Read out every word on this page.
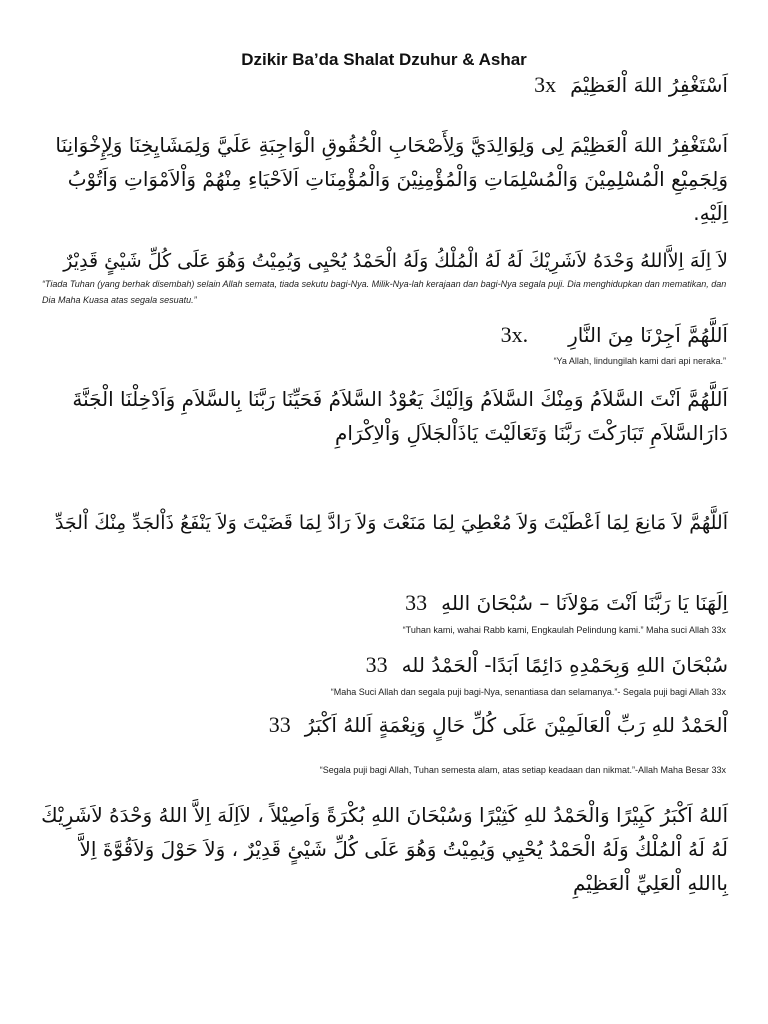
Dzikir Ba’da Shalat Dzuhur & Ashar
3x اَسْتَغْفِرُ اللهَ اْلعَظِيْمَ
اَسْتَغْفِرُ اللهَ اْلعَظِيْمَ لِى وَلِوَالِدَيَّ وَلِأَصْحَابِ الْحُقُوقِ الْوَاجِبَةِ عَلَيَّ وَلِمَشَايِخِنَا وَلِإِخْوَانِنَا وَلِجَمِيْعِ الْمُسْلِمِيْنَ وَالْمُسْلِمَاتِ وَالْمُؤْمِنِيْنَ وَالْمُؤْمِنَاتِ اَلاَحْيَاءِ مِنْهُمْ وَاْلاَمْوَاتِ وَاَتُوْبُ اِلَيْهِ.
لاَ اِلَهَ اِلاَّاللهُ وَحْدَهُ لاَشَرِيْكَ لَهُ لَهُ الْمُلْكُ وَلَهُ الْحَمْدُ يُحْيِى وَيُمِيْتُ وَهُوَ عَلَى كُلِّ شَيْئٍ قَدِيْرٌ
“Tiada Tuhan (yang berhak disembah) selain Allah semata, tiada sekutu bagi-Nya. Milik-Nya-lah kerajaan dan bagi-Nya segala puji. Dia menghidupkan dan mematikan, dan Dia Maha Kuasa atas segala sesuatu.”
3x. اَللَّهُمَّ اَجِرْنَا مِنَ النَّارِ
“Ya Allah, lindungilah kami dari api neraka.”
اَللَّهُمَّ اَنْتَ السَّلاَمُ وَمِنْكَ السَّلاَمُ وَاِلَيْكَ يَعُوْدُ السَّلاَمُ فَحَيِّنَا رَبَّنَا بِالسَّلاَمِ وَاَدْخِلْنَا الْجَنَّةَ دَارَالسَّلاَمِ تَبَارَكْتَ رَبَّنَا وَتَعَالَيْتَ يَاذَاْلجَلاَلِ وَاْلاِكْرَامِ
اَللَّهُمَّ لاَ مَانِعَ لِمَا اَعْطَيْتَ وَلاَ مُعْطِيَ لِمَا مَنَعْتَ وَلاَ رَادَّ لِمَا قَضَيْتَ وَلاَ يَنْفَعُ ذَاْلجَدِّ مِنْكَ اْلجَدِّ
33 اِلَهَنَا يَا رَبَّنَا اَنْتَ مَوْلاَنَا – سُبْحَانَ اللهِ
“Tuhan kami, wahai Rabb kami, Engkaulah Pelindung kami.” Maha suci Allah 33x
33 سُبْحَانَ اللهِ وَبِحَمْدِهِ دَائِمًا اَبَدًا- اْلحَمْدُ لله
“Maha Suci Allah dan segala puji bagi-Nya, senantiasa dan selamanya.”- Segala puji bagi Allah 33x
33 اْلحَمْدُ للهِ رَبِّ اْلعَالَمِيْنَ عَلَى كُلِّ حَالٍ وَنِعْمَةٍ اَللهُ اَكْبَرُ
“Segala puji bagi Allah, Tuhan semesta alam, atas setiap keadaan dan nikmat.”-Allah Maha Besar 33x
اَللهُ اَكْبَرُ كَبِيْرًا وَالْحَمْدُ للهِ كَثِيْرًا وَسُبْحَانَ اللهِ بُكْرَةً وَاَصِيْلاً ، لاَاِلَهَ اِلاَّ اللهُ وَحْدَهُ لاَشَرِيْكَ لَهُ لَهُ اْلمُلْكُ وَلَهُ الْحَمْدُ يُحْيِي وَيُمِيْتُ وَهُوَ عَلَى كُلِّ شَيْئٍ قَدِيْرٌ ، وَلاَ حَوْلَ وَلاَقُوَّةَ اِلاَّ بِااللهِ اْلعَلِيِّ اْلعَظِيْمِ
